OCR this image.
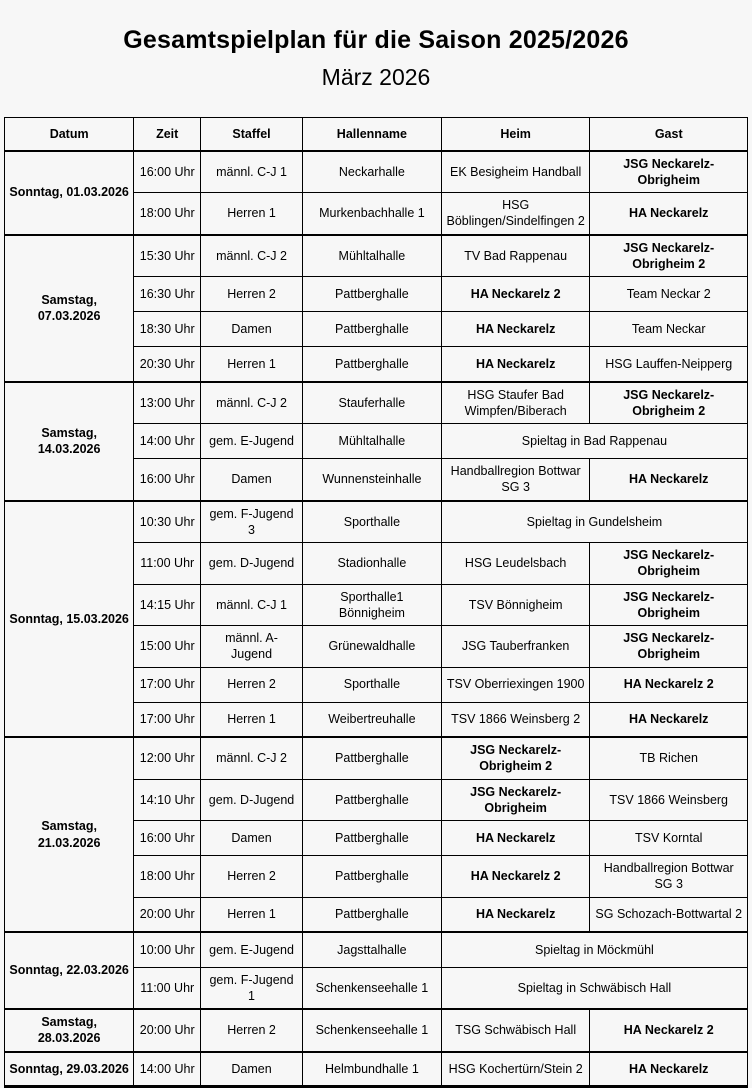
Gesamtspielplan für die Saison 2025/2026
März 2026
Datum	Zeit	Staffel	Hallenname	Heim	Gast
Sonntag, 01.03.2026	16:00 Uhr	männl. C-J 1	Neckarhalle	EK Besigheim Handball	JSG Neckarelz-Obrigheim
	18:00 Uhr	Herren 1	Murkenbachhalle 1	HSG Böblingen/Sindelfingen 2	HA Neckarelz
Samstag, 07.03.2026	15:30 Uhr	männl. C-J 2	Mühltalhalle	TV Bad Rappenau	JSG Neckarelz-Obrigheim 2
	16:30 Uhr	Herren 2	Pattberghalle	HA Neckarelz 2	Team Neckar 2
	18:30 Uhr	Damen	Pattberghalle	HA Neckarelz	Team Neckar
	20:30 Uhr	Herren 1	Pattberghalle	HA Neckarelz	HSG Lauffen-Neipperg
Samstag, 14.03.2026	13:00 Uhr	männl. C-J 2	Stauferhalle	HSG Staufer Bad Wimpfen/Biberach	JSG Neckarelz-Obrigheim 2
	14:00 Uhr	gem. E-Jugend	Mühltalhalle	Spieltag in Bad Rappenau	
	16:00 Uhr	Damen	Wunnensteinhalle	Handballregion Bottwar SG 3	HA Neckarelz
Sonntag, 15.03.2026	10:30 Uhr	gem. F-Jugend 3	Sporthalle	Spieltag in Gundelsheim	
	11:00 Uhr	gem. D-Jugend	Stadionhalle	HSG Leudelsbach	JSG Neckarelz-Obrigheim
	14:15 Uhr	männl. C-J 1	Sporthalle1 Bönnigheim	TSV Bönnigheim	JSG Neckarelz-Obrigheim
	15:00 Uhr	männl. A-Jugend	Grünewaldhalle	JSG Tauberfranken	JSG Neckarelz-Obrigheim
	17:00 Uhr	Herren 2	Sporthalle	TSV Oberriexingen 1900	HA Neckarelz 2
	17:00 Uhr	Herren 1	Weibertreuhalle	TSV 1866 Weinsberg 2	HA Neckarelz
Samstag, 21.03.2026	12:00 Uhr	männl. C-J 2	Pattberghalle	JSG Neckarelz-Obrigheim 2	TB Richen
	14:10 Uhr	gem. D-Jugend	Pattberghalle	JSG Neckarelz-Obrigheim	TSV 1866 Weinsberg
	16:00 Uhr	Damen	Pattberghalle	HA Neckarelz	TSV Korntal
	18:00 Uhr	Herren 2	Pattberghalle	HA Neckarelz 2	Handballregion Bottwar SG 3
	20:00 Uhr	Herren 1	Pattberghalle	HA Neckarelz	SG Schozach-Bottwartal 2
Sonntag, 22.03.2026	10:00 Uhr	gem. E-Jugend	Jagsttalhalle	Spieltag in Möckmühl	
	11:00 Uhr	gem. F-Jugend 1	Schenkenseehalle 1	Spieltag in Schwäbisch Hall	
Samstag, 28.03.2026	20:00 Uhr	Herren 2	Schenkenseehalle 1	TSG Schwäbisch Hall	HA Neckarelz 2
Sonntag, 29.03.2026	14:00 Uhr	Damen	Helmbundhalle 1	HSG Kochertürn/Stein 2	HA Neckarelz
